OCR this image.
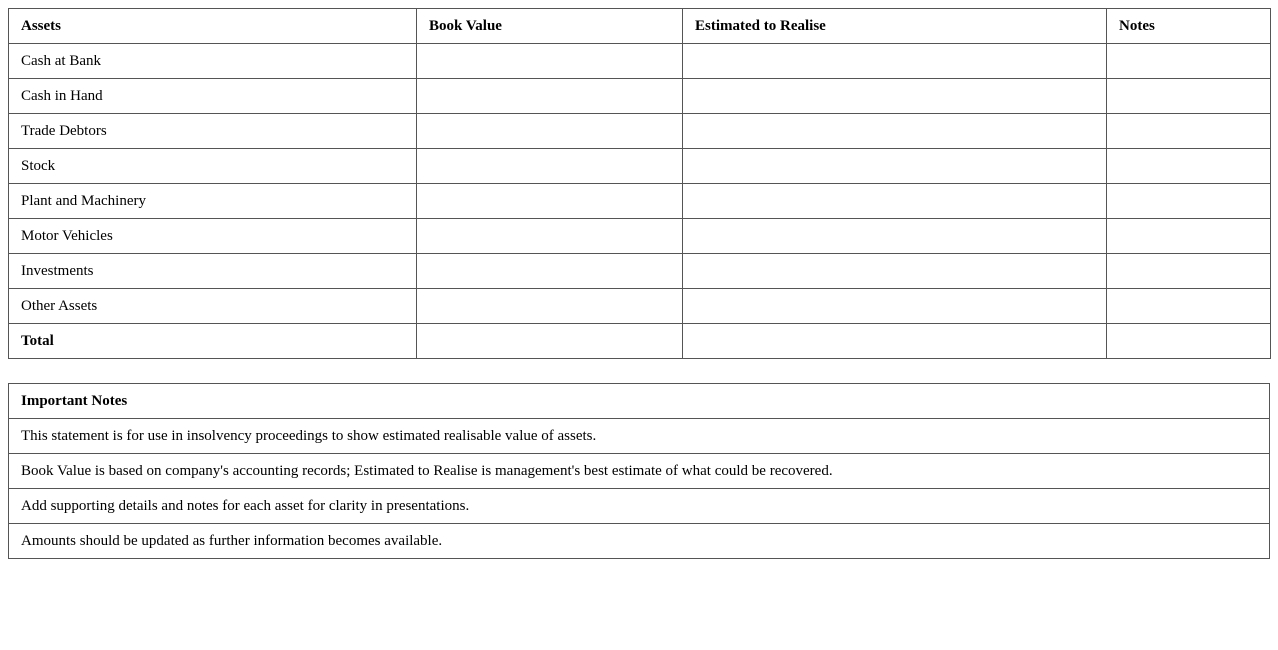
Assets	Book Value	Estimated to Realise	Notes
Cash at Bank			
Cash in Hand			
Trade Debtors			
Stock			
Plant and Machinery			
Motor Vehicles			
Investments			
Other Assets			
Total			
Important Notes
This statement is for use in insolvency proceedings to show estimated realisable value of assets.
Book Value is based on company's accounting records; Estimated to Realise is management's best estimate of what could be recovered.
Add supporting details and notes for each asset for clarity in presentations.
Amounts should be updated as further information becomes available.
